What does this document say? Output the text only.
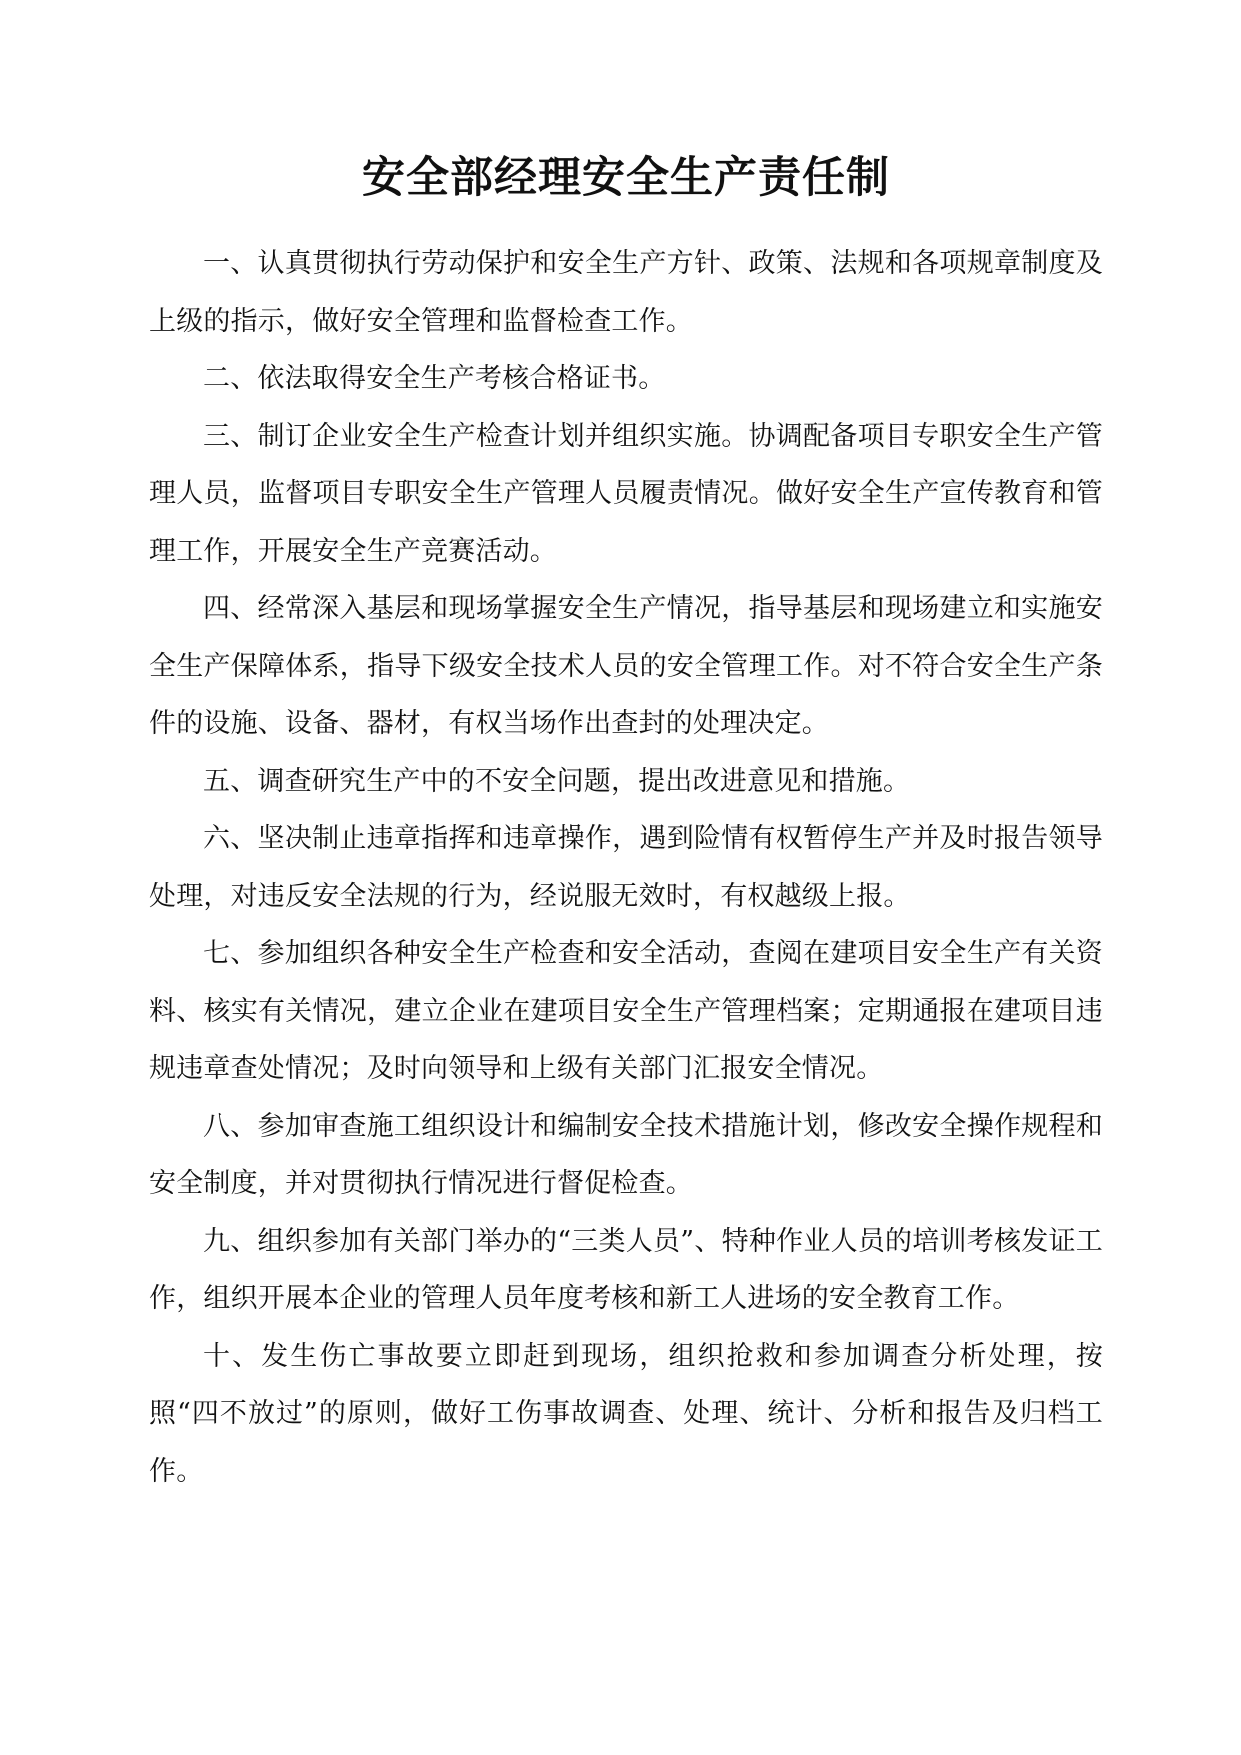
安全部经理安全生产责任制

一、认真贯彻执行劳动保护和安全生产方针、政策、法规和各项规章制度及上级的指示，做好安全管理和监督检查工作。

二、依法取得安全生产考核合格证书。

三、制订企业安全生产检查计划并组织实施。协调配备项目专职安全生产管理人员，监督项目专职安全生产管理人员履责情况。做好安全生产宣传教育和管理工作，开展安全生产竞赛活动。

四、经常深入基层和现场掌握安全生产情况，指导基层和现场建立和实施安全生产保障体系，指导下级安全技术人员的安全管理工作。对不符合安全生产条件的设施、设备、器材，有权当场作出查封的处理决定。

五、调查研究生产中的不安全问题，提出改进意见和措施。

六、坚决制止违章指挥和违章操作，遇到险情有权暂停生产并及时报告领导处理，对违反安全法规的行为，经说服无效时，有权越级上报。

七、参加组织各种安全生产检查和安全活动，查阅在建项目安全生产有关资料、核实有关情况，建立企业在建项目安全生产管理档案；定期通报在建项目违规违章查处情况；及时向领导和上级有关部门汇报安全情况。

八、参加审查施工组织设计和编制安全技术措施计划，修改安全操作规程和安全制度，并对贯彻执行情况进行督促检查。

九、组织参加有关部门举办的“三类人员”、特种作业人员的培训考核发证工作，组织开展本企业的管理人员年度考核和新工人进场的安全教育工作。

十、发生伤亡事故要立即赶到现场，组织抢救和参加调查分析处理，按照“四不放过”的原则，做好工伤事故调查、处理、统计、分析和报告及归档工作。
